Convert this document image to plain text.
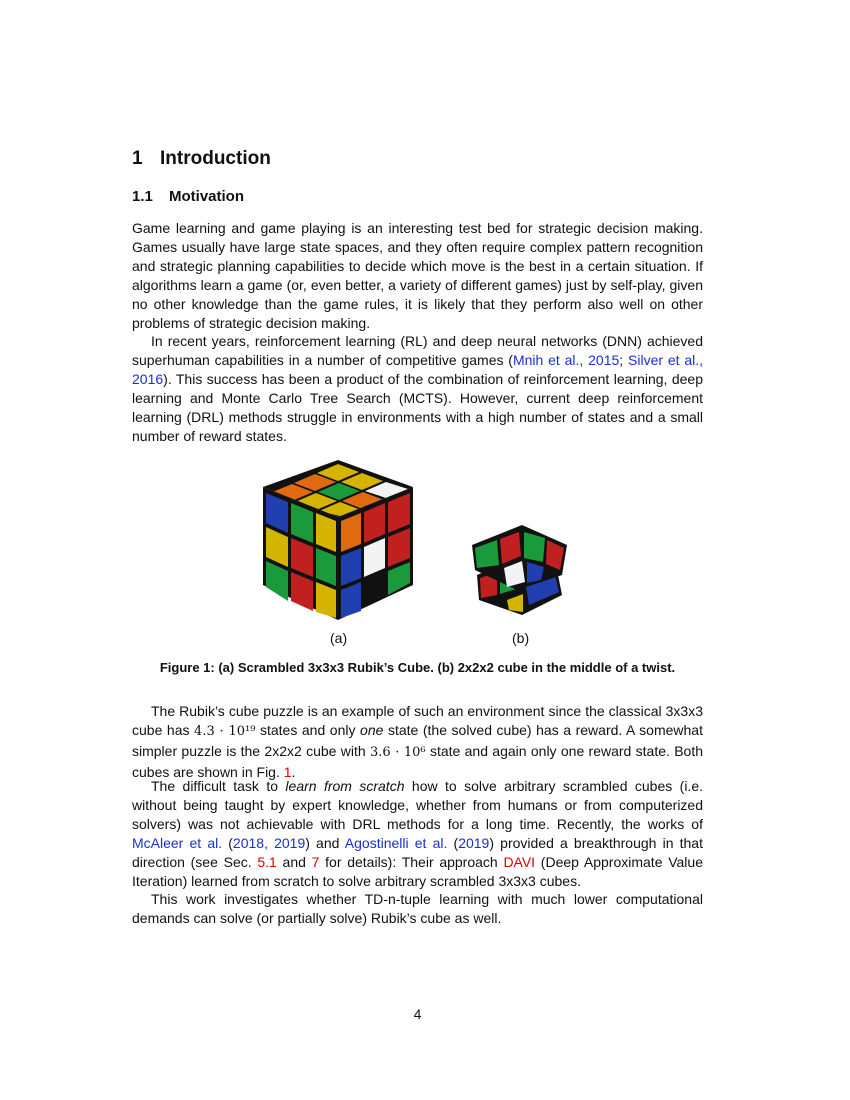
1 Introduction
1.1 Motivation

Game learning and game playing is an interesting test bed for strategic decision making. Games usually have large state spaces, and they often require complex pattern recognition and strategic planning capabilities to decide which move is the best in a certain situation. If algorithms learn a game (or, even better, a variety of different games) just by self-play, given no other knowledge than the game rules, it is likely that they perform also well on other problems of strategic decision making.

In recent years, reinforcement learning (RL) and deep neural networks (DNN) achieved superhuman capabilities in a number of competitive games (Mnih et al., 2015; Silver et al., 2016). This success has been a product of the combination of reinforcement learning, deep learning and Monte Carlo Tree Search (MCTS). However, current deep reinforcement learning (DRL) methods struggle in environments with a high number of states and a small number of reward states.

(a)	(b)
Figure 1: (a) Scrambled 3x3x3 Rubik’s Cube. (b) 2x2x2 cube in the middle of a twist.

The Rubik’s cube puzzle is an example of such an environment since the classical 3x3x3 cube has 4.3 · 10¹⁹ states and only one state (the solved cube) has a reward. A somewhat simpler puzzle is the 2x2x2 cube with 3.6 · 10⁶ state and again only one reward state. Both cubes are shown in Fig. 1.

The difficult task to learn from scratch how to solve arbitrary scrambled cubes (i.e. without being taught by expert knowledge, whether from humans or from computerized solvers) was not achievable with DRL methods for a long time. Recently, the works of McAleer et al. (2018, 2019) and Agostinelli et al. (2019) provided a breakthrough in that direction (see Sec. 5.1 and 7 for details): Their approach DAVI (Deep Approximate Value Iteration) learned from scratch to solve arbitrary scrambled 3x3x3 cubes.

This work investigates whether TD-n-tuple learning with much lower computational demands can solve (or partially solve) Rubik’s cube as well.

4
